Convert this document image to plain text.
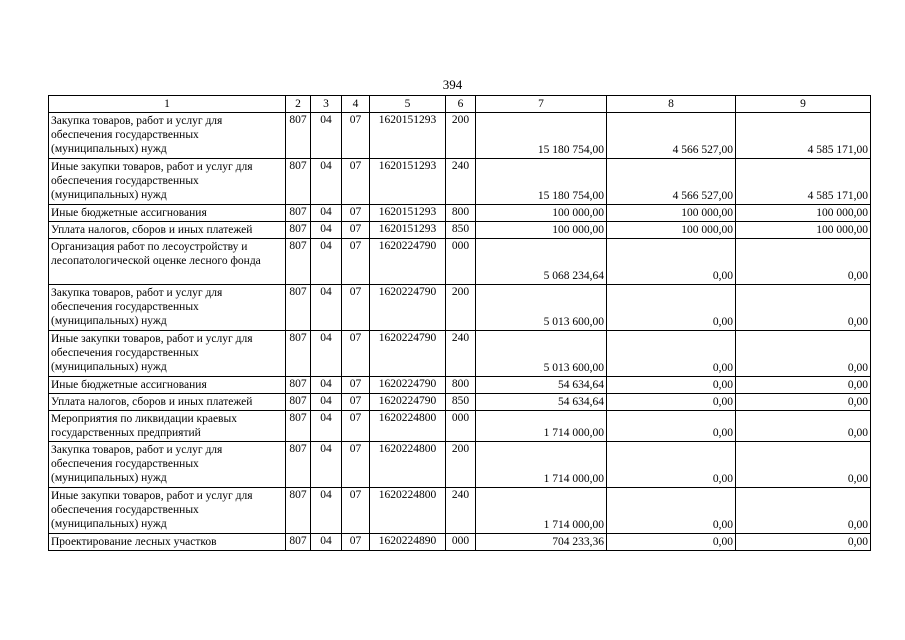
394
1	2	3	4	5	6	7	8	9
Закупка товаров, работ и услуг для обеспечения государственных (муниципальных) нужд	807	04	07	1620151293	200	15 180 754,00	4 566 527,00	4 585 171,00
Иные закупки товаров, работ и услуг для обеспечения государственных (муниципальных) нужд	807	04	07	1620151293	240	15 180 754,00	4 566 527,00	4 585 171,00
Иные бюджетные ассигнования	807	04	07	1620151293	800	100 000,00	100 000,00	100 000,00
Уплата налогов, сборов и иных платежей	807	04	07	1620151293	850	100 000,00	100 000,00	100 000,00
Организация работ по лесоустройству и лесопатологической оценке лесного фонда	807	04	07	1620224790	000	5 068 234,64	0,00	0,00
Закупка товаров, работ и услуг для обеспечения государственных (муниципальных) нужд	807	04	07	1620224790	200	5 013 600,00	0,00	0,00
Иные закупки товаров, работ и услуг для обеспечения государственных (муниципальных) нужд	807	04	07	1620224790	240	5 013 600,00	0,00	0,00
Иные бюджетные ассигнования	807	04	07	1620224790	800	54 634,64	0,00	0,00
Уплата налогов, сборов и иных платежей	807	04	07	1620224790	850	54 634,64	0,00	0,00
Мероприятия по ликвидации краевых государственных предприятий	807	04	07	1620224800	000	1 714 000,00	0,00	0,00
Закупка товаров, работ и услуг для обеспечения государственных (муниципальных) нужд	807	04	07	1620224800	200	1 714 000,00	0,00	0,00
Иные закупки товаров, работ и услуг для обеспечения государственных (муниципальных) нужд	807	04	07	1620224800	240	1 714 000,00	0,00	0,00
Проектирование лесных участков	807	04	07	1620224890	000	704 233,36	0,00	0,00
